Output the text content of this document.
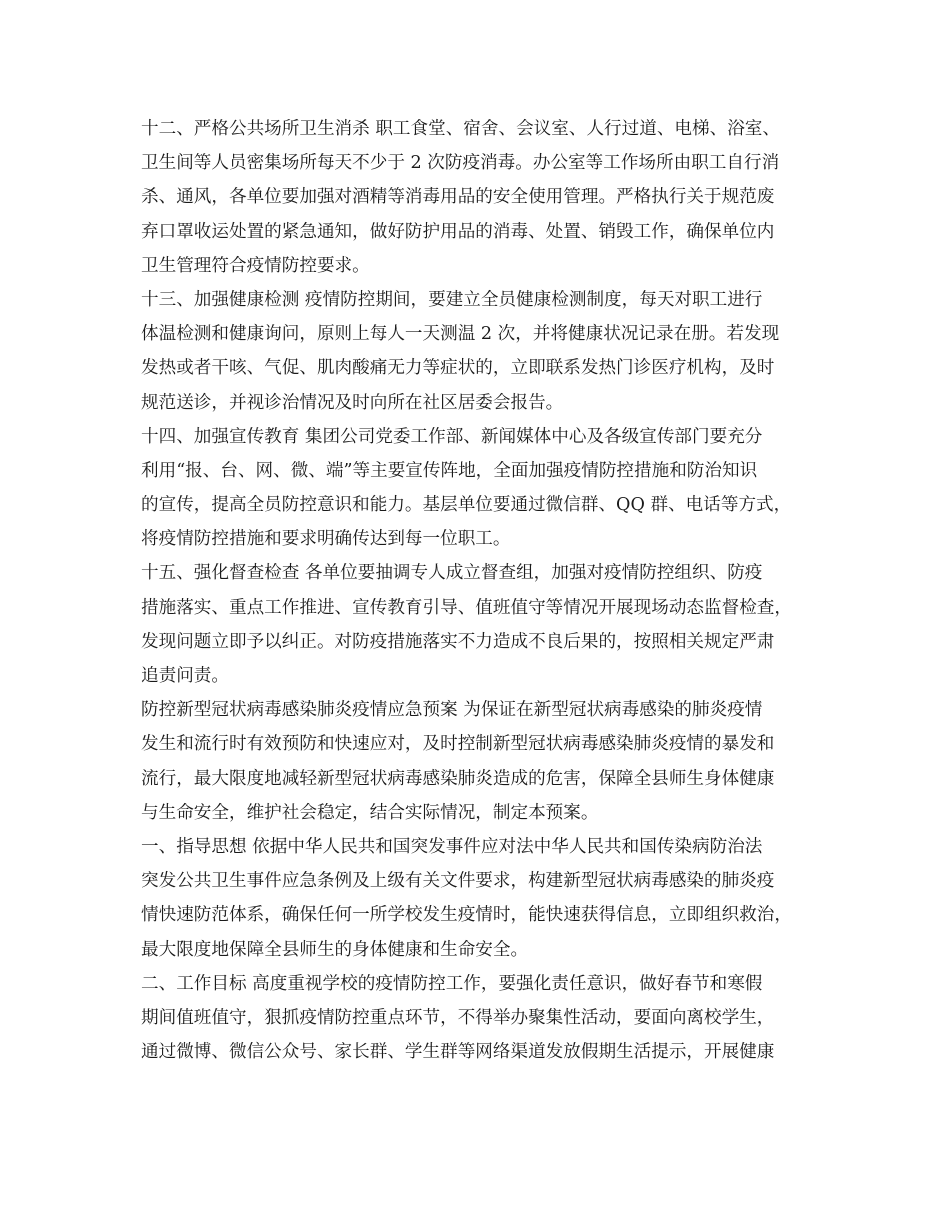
十二、严格公共场所卫生消杀 职工食堂、宿舍、会议室、人行过道、电梯、浴室、
卫生间等人员密集场所每天不少于 2 次防疫消毒。办公室等工作场所由职工自行消
杀、通风，各单位要加强对酒精等消毒用品的安全使用管理。严格执行关于规范废
弃口罩收运处置的紧急通知，做好防护用品的消毒、处置、销毁工作，确保单位内
卫生管理符合疫情防控要求。
十三、加强健康检测 疫情防控期间，要建立全员健康检测制度，每天对职工进行
体温检测和健康询问，原则上每人一天测温 2 次，并将健康状况记录在册。若发现
发热或者干咳、气促、肌肉酸痛无力等症状的，立即联系发热门诊医疗机构，及时
规范送诊，并视诊治情况及时向所在社区居委会报告。
十四、加强宣传教育 集团公司党委工作部、新闻媒体中心及各级宣传部门要充分
利用“报、台、网、微、端”等主要宣传阵地，全面加强疫情防控措施和防治知识
的宣传，提高全员防控意识和能力。基层单位要通过微信群、QQ 群、电话等方式，
将疫情防控措施和要求明确传达到每一位职工。
十五、强化督查检查 各单位要抽调专人成立督查组，加强对疫情防控组织、防疫
措施落实、重点工作推进、宣传教育引导、值班值守等情况开展现场动态监督检查，
发现问题立即予以纠正。对防疫措施落实不力造成不良后果的，按照相关规定严肃
追责问责。
防控新型冠状病毒感染肺炎疫情应急预案 为保证在新型冠状病毒感染的肺炎疫情
发生和流行时有效预防和快速应对，及时控制新型冠状病毒感染肺炎疫情的暴发和
流行，最大限度地减轻新型冠状病毒感染肺炎造成的危害，保障全县师生身体健康
与生命安全，维护社会稳定，结合实际情况，制定本预案。
一、指导思想 依据中华人民共和国突发事件应对法中华人民共和国传染病防治法
突发公共卫生事件应急条例及上级有关文件要求，构建新型冠状病毒感染的肺炎疫
情快速防范体系，确保任何一所学校发生疫情时，能快速获得信息，立即组织救治，
最大限度地保障全县师生的身体健康和生命安全。
二、工作目标 高度重视学校的疫情防控工作，要强化责任意识，做好春节和寒假
期间值班值守，狠抓疫情防控重点环节，不得举办聚集性活动，要面向离校学生，
通过微博、微信公众号、家长群、学生群等网络渠道发放假期生活提示，开展健康
